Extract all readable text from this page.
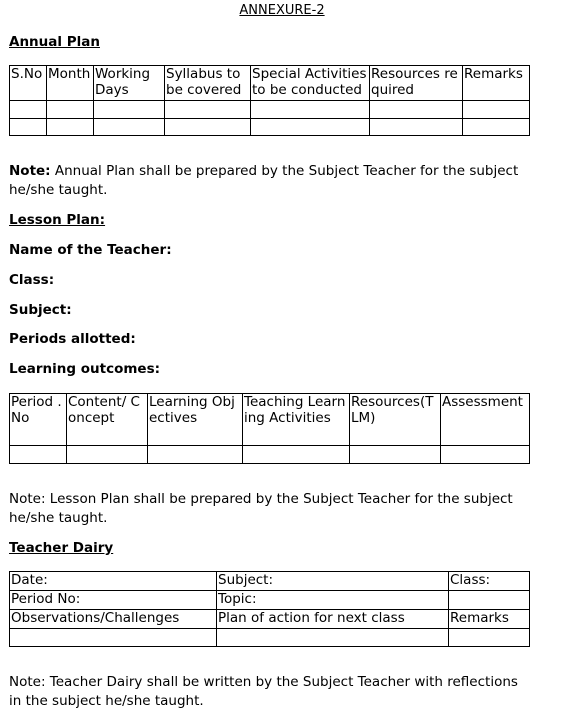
ANNEXURE-2
Annual Plan
S.No	Month	Working Days	Syllabus to be covered	Special Activities to be conducted	Resources required	Remarks

Note: Annual Plan shall be prepared by the Subject Teacher for the subject he/she taught.
Lesson Plan:
Name of the Teacher:
Class:
Subject:
Periods allotted:
Learning outcomes:
Period . No	Content/ Concept	Learning Objectives	Teaching Learning Activities	Resources(TLM)	Assessment

Note: Lesson Plan shall be prepared by the Subject Teacher for the subject he/she taught.
Teacher Dairy
Date:	Subject:	Class:
Period No:	Topic:	
Observations/Challenges	Plan of action for next class	Remarks

Note: Teacher Dairy shall be written by the Subject Teacher with reflections in the subject he/she taught.
